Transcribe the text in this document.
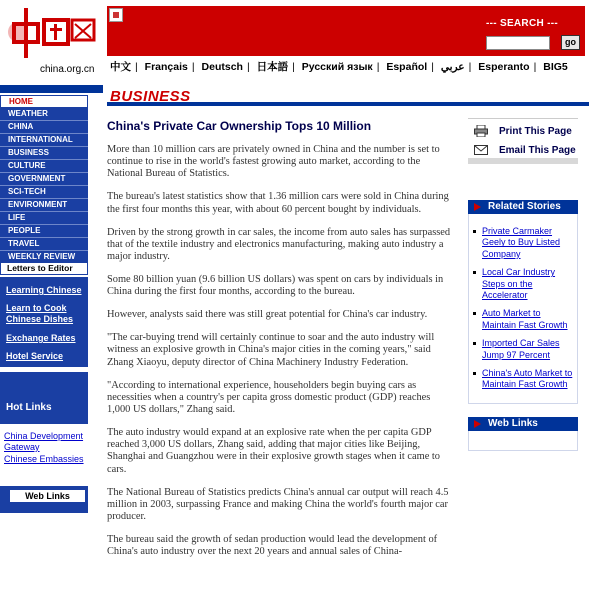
china.org.cn
--- SEARCH ---
go
中文 | Français | Deutsch | 日本語 | Русский язык | Español | عربي | Esperanto | BIG5
BUSINESS
HOME
WEATHER
CHINA
INTERNATIONAL
BUSINESS
CULTURE
GOVERNMENT
SCI-TECH
ENVIRONMENT
LIFE
PEOPLE
TRAVEL
WEEKLY REVIEW
Letters to Editor
Learning Chinese
Learn to Cook Chinese Dishes
Exchange Rates
Hotel Service
Hot Links
China Development Gateway
Chinese Embassies
Web Links
China's Private Car Ownership Tops 10 Million

More than 10 million cars are privately owned in China and the number is set to continue to rise in the world's fastest growing auto market, according to the National Bureau of Statistics.

The bureau's latest statistics show that 1.36 million cars were sold in China during the first four months this year, with about 60 percent bought by individuals.

Driven by the strong growth in car sales, the income from auto sales has surpassed that of the textile industry and electronics manufacturing, making auto industry a major industry.

Some 80 billion yuan (9.6 billion US dollars) was spent on cars by individuals in China during the first four months, according to the bureau.

However, analysts said there was still great potential for China's car industry.

"The car-buying trend will certainly continue to soar and the auto industry will witness an explosive growth in China's major cities in the coming years," said Zhang Xiaoyu, deputy director of China Machinery Industry Federation.

"According to international experience, householders begin buying cars as necessities when a country's per capita gross domestic product (GDP) reaches 1,000 US dollars," Zhang said.

The auto industry would expand at an explosive rate when the per capita GDP reached 3,000 US dollars, Zhang said, adding that major cities like Beijing, Shanghai and Guangzhou were in their explosive growth stages when it came to cars.

The National Bureau of Statistics predicts China's annual car output will reach 4.5 million in 2003, surpassing France and making China the world's fourth major car producer.

The bureau said the growth of sedan production would lead the development of China's auto industry over the next 20 years and annual sales of China-

Print This Page
Email This Page
Related Stories
Private Carmaker Geely to Buy Listed Company
Local Car Industry Steps on the Accelerator
Auto Market to Maintain Fast Growth
Imported Car Sales Jump 97 Percent
China's Auto Market to Maintain Fast Growth
Web Links
